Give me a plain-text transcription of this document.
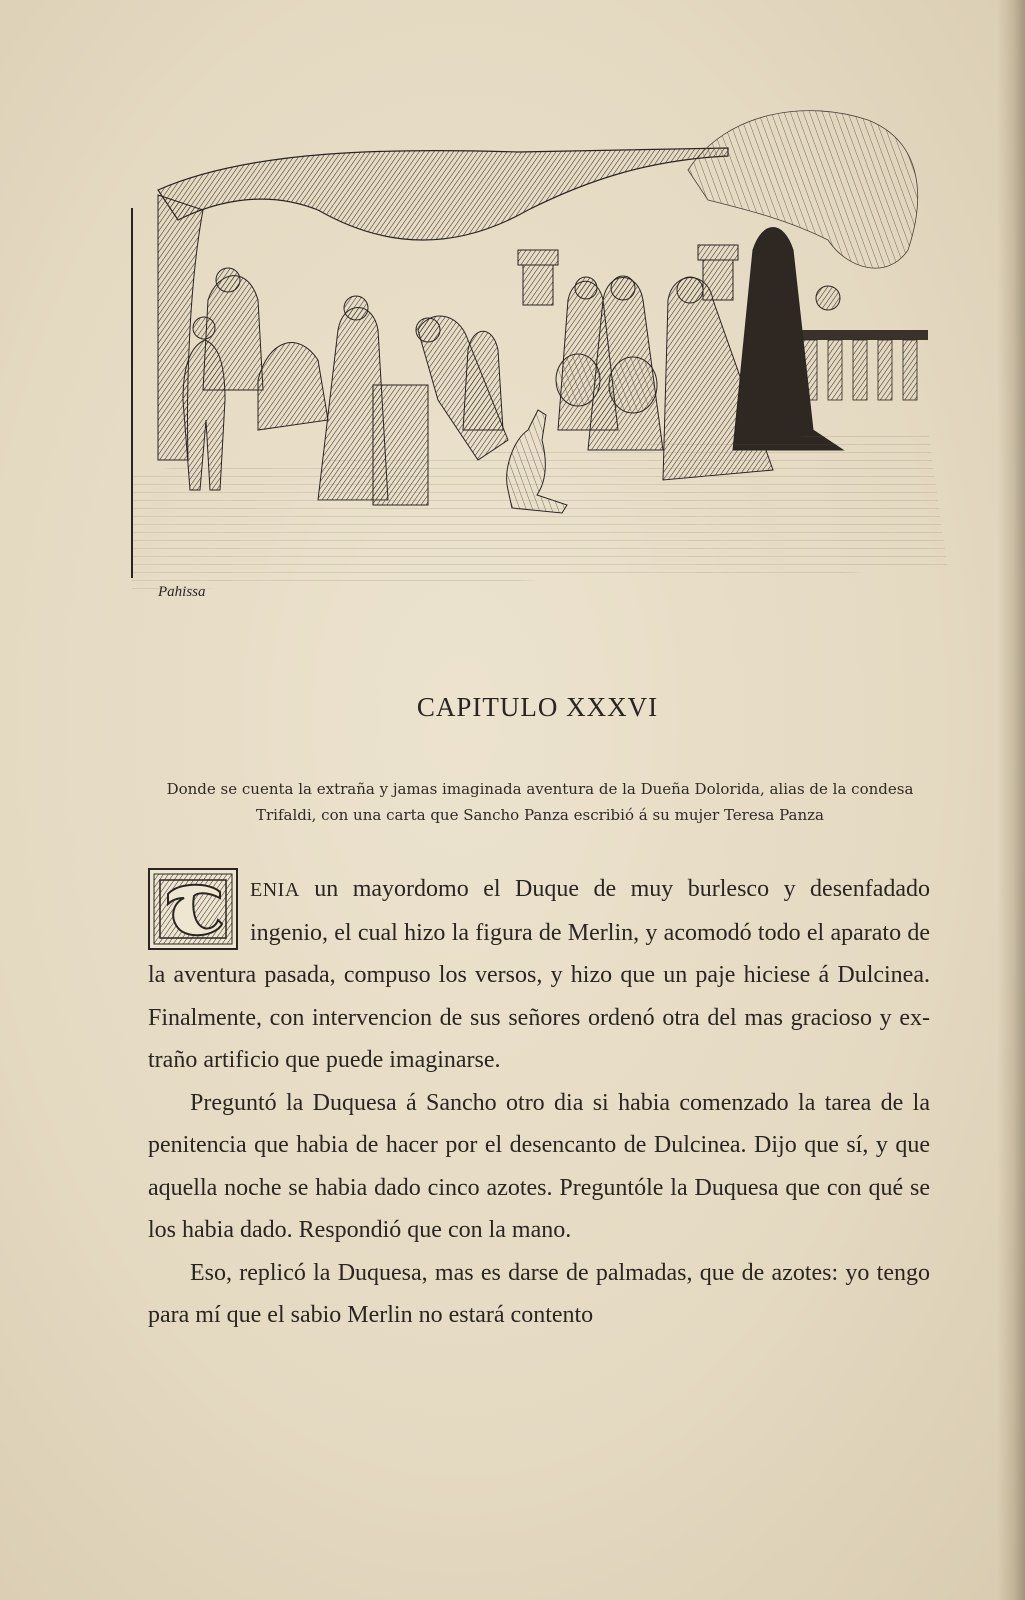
Pahissa
CAPITULO XXXVI
Donde se cuenta la extraña y jamas imaginada aventura de la Dueña Dolorida, alias de la condesa
Trifaldi, con una carta que Sancho Panza escribió á su mujer Teresa Panza

T
ENIA un mayordomo el Duque de muy burlesco y desenfadado ingenio, el cual hizo la figura de Merlin, y acomodó todo el aparato de la aventura pasada, compuso los versos, y hizo que un paje hiciese á Dulcinea. Finalmente, con intervencion de sus señores ordenó otra del mas gracioso y extraño artificio que puede imaginarse.

Preguntó la Duquesa á Sancho otro dia si habia comenzado la tarea de la penitencia que habia de hacer por el desencanto de Dulcinea. Dijo que sí, y que aquella noche se habia dado cinco azotes. Preguntóle la Duquesa que con qué se los habia dado. Respondió que con la mano.

Eso, replicó la Duquesa, mas es darse de palmadas, que de azotes: yo tengo para mí que el sabio Merlin no estará contento
